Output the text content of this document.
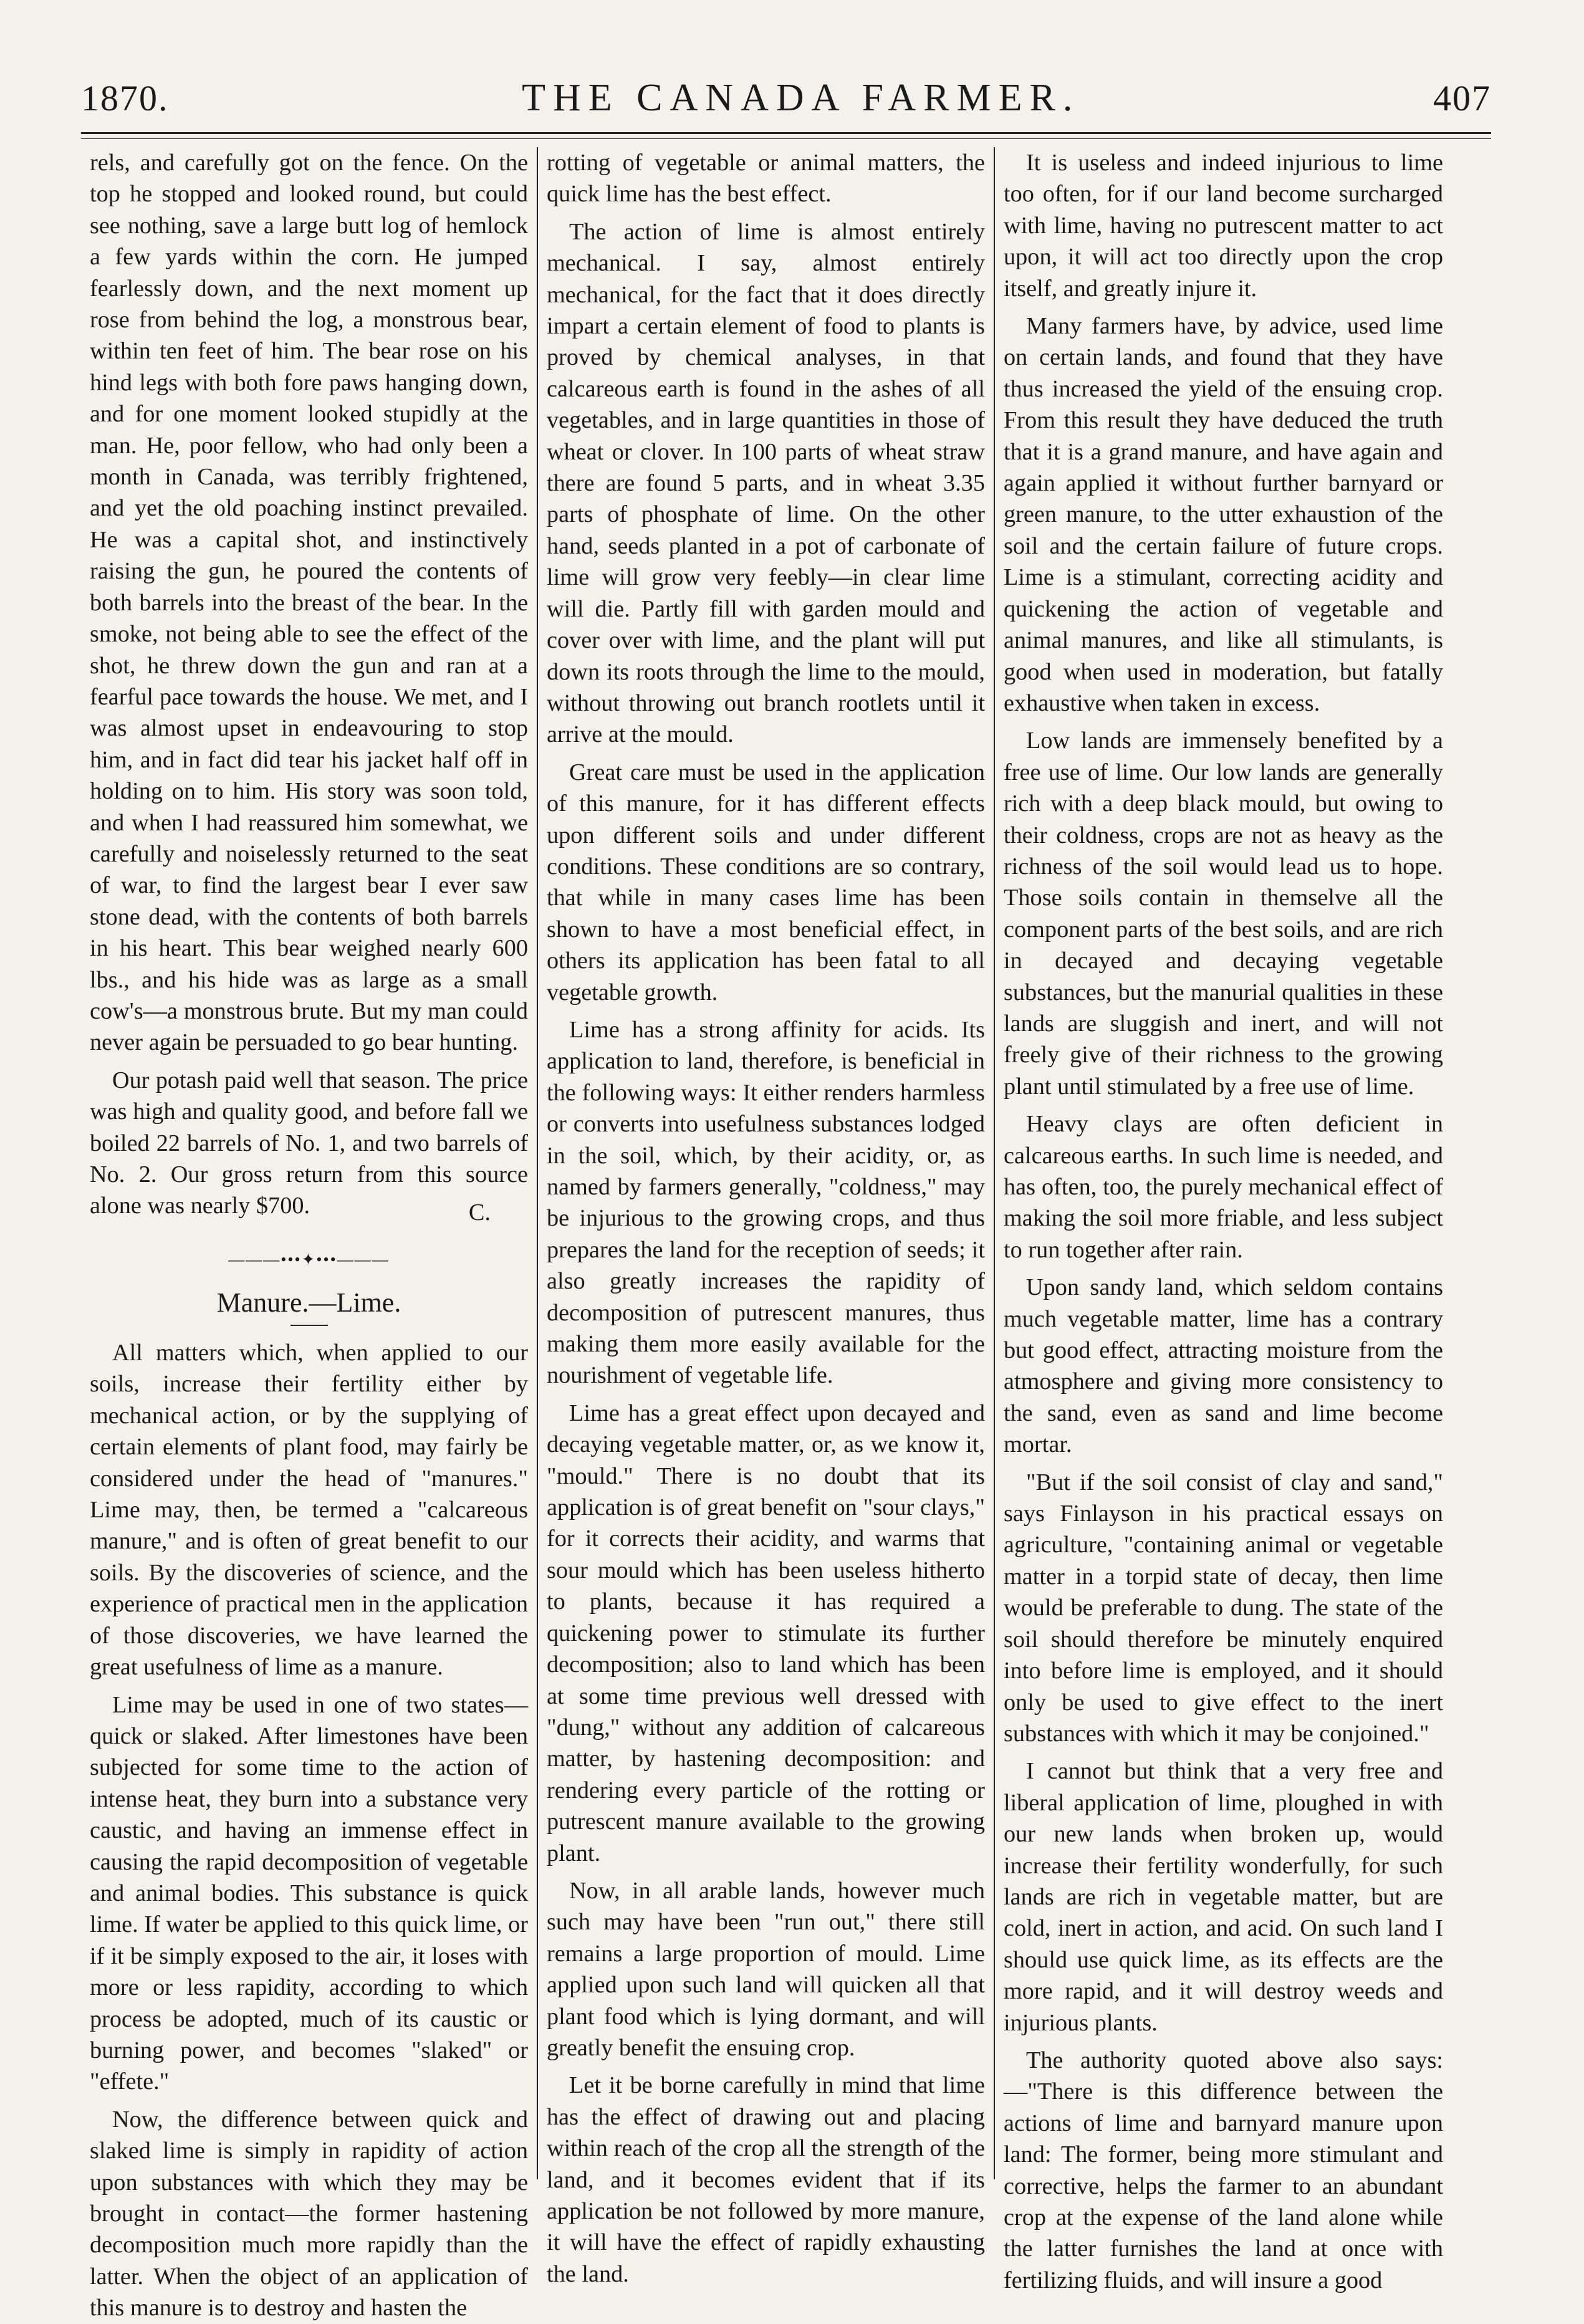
1870.	THE CANADA FARMER.	407

rels, and carefully got on the fence. On the top he stopped and looked round, but could see nothing, save a large butt log of hemlock a few yards within the corn. He jumped fearlessly down, and the next moment up rose from behind the log, a monstrous bear, within ten feet of him. The bear rose on his hind legs with both fore paws hanging down, and for one moment looked stupidly at the man. He, poor fellow, who had only been a month in Canada, was terribly frightened, and yet the old poaching instinct prevailed. He was a capital shot, and instinctively raising the gun, he poured the contents of both barrels into the breast of the bear. In the smoke, not being able to see the effect of the shot, he threw down the gun and ran at a fearful pace towards the house. We met, and I was almost upset in endeavouring to stop him, and in fact did tear his jacket half off in holding on to him. His story was soon told, and when I had reassured him somewhat, we carefully and noiselessly returned to the seat of war, to find the largest bear I ever saw stone dead, with the contents of both barrels in his heart. This bear weighed nearly 600 lbs., and his hide was as large as a small cow's—a monstrous brute. But my man could never again be persuaded to go bear hunting.

Our potash paid well that season. The price was high and quality good, and before fall we boiled 22 barrels of No. 1, and two barrels of No. 2. Our gross return from this source alone was nearly $700.	C.

———•••✦•••———
Manure.—Lime.

All matters which, when applied to our soils, increase their fertility either by mechanical action, or by the supplying of certain elements of plant food, may fairly be considered under the head of "manures." Lime may, then, be termed a "calcareous manure," and is often of great benefit to our soils. By the discoveries of science, and the experience of practical men in the application of those discoveries, we have learned the great usefulness of lime as a manure.

Lime may be used in one of two states—quick or slaked. After limestones have been subjected for some time to the action of intense heat, they burn into a substance very caustic, and having an immense effect in causing the rapid decomposition of vegetable and animal bodies. This substance is quick lime. If water be applied to this quick lime, or if it be simply exposed to the air, it loses with more or less rapidity, according to which process be adopted, much of its caustic or burning power, and becomes "slaked" or "effete."

Now, the difference between quick and slaked lime is simply in rapidity of action upon substances with which they may be brought in contact—the former hastening decomposition much more rapidly than the latter. When the object of an application of this manure is to destroy and hasten the

rotting of vegetable or animal matters, the quick lime has the best effect.

The action of lime is almost entirely mechanical. I say, almost entirely mechanical, for the fact that it does directly impart a certain element of food to plants is proved by chemical analyses, in that calcareous earth is found in the ashes of all vegetables, and in large quantities in those of wheat or clover. In 100 parts of wheat straw there are found 5 parts, and in wheat 3.35 parts of phosphate of lime. On the other hand, seeds planted in a pot of carbonate of lime will grow very feebly—in clear lime will die. Partly fill with garden mould and cover over with lime, and the plant will put down its roots through the lime to the mould, without throwing out branch rootlets until it arrive at the mould.

Great care must be used in the application of this manure, for it has different effects upon different soils and under different conditions. These conditions are so contrary, that while in many cases lime has been shown to have a most beneficial effect, in others its application has been fatal to all vegetable growth.

Lime has a strong affinity for acids. Its application to land, therefore, is beneficial in the following ways: It either renders harmless or converts into usefulness substances lodged in the soil, which, by their acidity, or, as named by farmers generally, "coldness," may be injurious to the growing crops, and thus prepares the land for the reception of seeds; it also greatly increases the rapidity of decomposition of putrescent manures, thus making them more easily available for the nourishment of vegetable life.

Lime has a great effect upon decayed and decaying vegetable matter, or, as we know it, "mould." There is no doubt that its application is of great benefit on "sour clays," for it corrects their acidity, and warms that sour mould which has been useless hitherto to plants, because it has required a quickening power to stimulate its further decomposition; also to land which has been at some time previous well dressed with "dung," without any addition of calcareous matter, by hastening decomposition: and rendering every particle of the rotting or putrescent manure available to the growing plant.

Now, in all arable lands, however much such may have been "run out," there still remains a large proportion of mould. Lime applied upon such land will quicken all that plant food which is lying dormant, and will greatly benefit the ensuing crop.

Let it be borne carefully in mind that lime has the effect of drawing out and placing within reach of the crop all the strength of the land, and it becomes evident that if its application be not followed by more manure, it will have the effect of rapidly exhausting the land.

It is useless and indeed injurious to lime too often, for if our land become surcharged with lime, having no putrescent matter to act upon, it will act too directly upon the crop itself, and greatly injure it.

Many farmers have, by advice, used lime on certain lands, and found that they have thus increased the yield of the ensuing crop. From this result they have deduced the truth that it is a grand manure, and have again and again applied it without further barnyard or green manure, to the utter exhaustion of the soil and the certain failure of future crops. Lime is a stimulant, correcting acidity and quickening the action of vegetable and animal manures, and like all stimulants, is good when used in moderation, but fatally exhaustive when taken in excess.

Low lands are immensely benefited by a free use of lime. Our low lands are generally rich with a deep black mould, but owing to their coldness, crops are not as heavy as the richness of the soil would lead us to hope. Those soils contain in themselve all the component parts of the best soils, and are rich in decayed and decaying vegetable substances, but the manurial qualities in these lands are sluggish and inert, and will not freely give of their richness to the growing plant until stimulated by a free use of lime.

Heavy clays are often deficient in calcareous earths. In such lime is needed, and has often, too, the purely mechanical effect of making the soil more friable, and less subject to run together after rain.

Upon sandy land, which seldom contains much vegetable matter, lime has a contrary but good effect, attracting moisture from the atmosphere and giving more consistency to the sand, even as sand and lime become mortar.

"But if the soil consist of clay and sand," says Finlayson in his practical essays on agriculture, "containing animal or vegetable matter in a torpid state of decay, then lime would be preferable to dung. The state of the soil should therefore be minutely enquired into before lime is employed, and it should only be used to give effect to the inert substances with which it may be conjoined."

I cannot but think that a very free and liberal application of lime, ploughed in with our new lands when broken up, would increase their fertility wonderfully, for such lands are rich in vegetable matter, but are cold, inert in action, and acid. On such land I should use quick lime, as its effects are the more rapid, and it will destroy weeds and injurious plants.

The authority quoted above also says:—"There is this difference between the actions of lime and barnyard manure upon land: The former, being more stimulant and corrective, helps the farmer to an abundant crop at the expense of the land alone while the latter furnishes the land at once with fertilizing fluids, and will insure a good
